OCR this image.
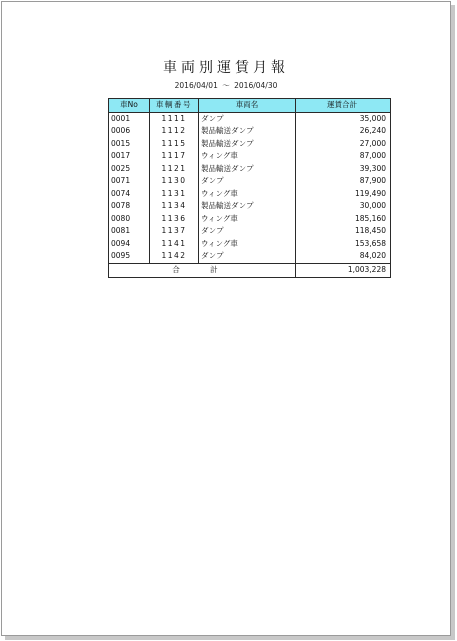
車両別運賃月報
2016/04/01 ～ 2016/04/30
車No	車輌番号	車両名	運賃合計
0001	1111	ダンプ	35,000
0006	1112	製品輸送ダンプ	26,240
0015	1115	製品輸送ダンプ	27,000
0017	1117	ウィング車	87,000
0025	1121	製品輸送ダンプ	39,300
0071	1130	ダンプ	87,900
0074	1131	ウィング車	119,490
0078	1134	製品輸送ダンプ	30,000
0080	1136	ウィング車	185,160
0081	1137	ダンプ	118,450
0094	1141	ウィング車	153,658
0095	1142	ダンプ	84,020
合 計			1,003,228
